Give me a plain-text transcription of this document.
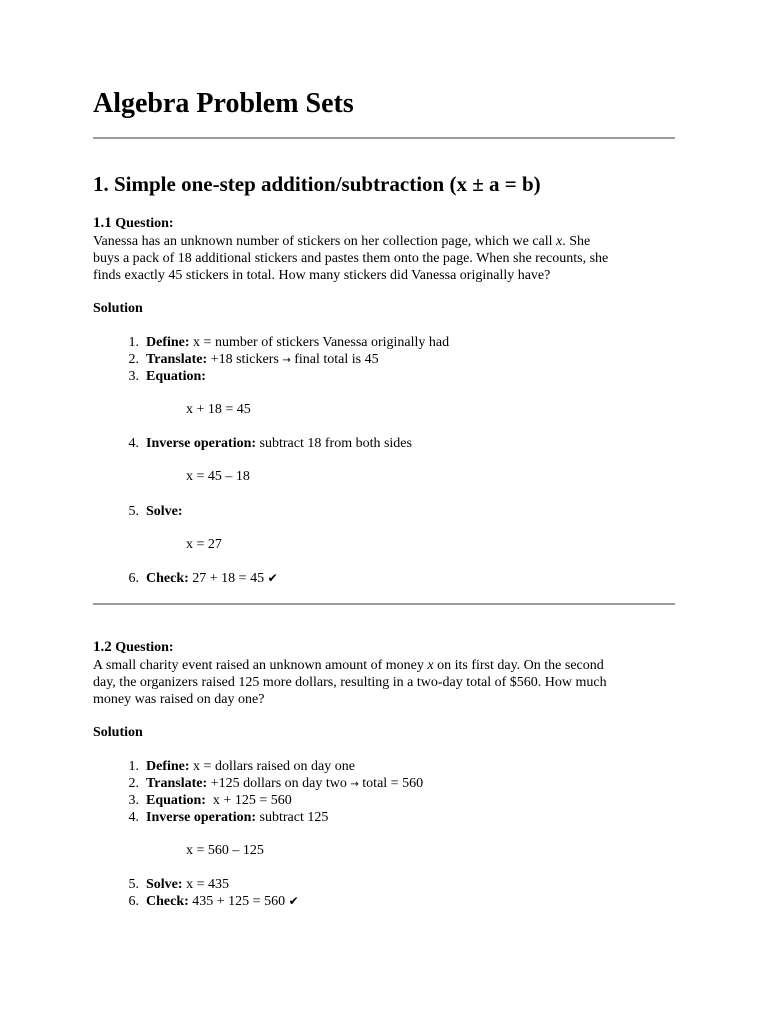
Algebra Problem Sets
1. Simple one-step addition/subtraction (x ± a = b)
1.1 Question:
Vanessa has an unknown number of stickers on her collection page, which we call x. She
buys a pack of 18 additional stickers and pastes them onto the page. When she recounts, she
finds exactly 45 stickers in total. How many stickers did Vanessa originally have?
Solution
1. Define: x = number of stickers Vanessa originally had
2. Translate: +18 stickers → final total is 45
3. Equation:
x + 18 = 45
4. Inverse operation: subtract 18 from both sides
x = 45 – 18
5. Solve:
x = 27
6. Check: 27 + 18 = 45 ✔
1.2 Question:
A small charity event raised an unknown amount of money x on its first day. On the second
day, the organizers raised 125 more dollars, resulting in a two-day total of $560. How much
money was raised on day one?
Solution
1. Define: x = dollars raised on day one
2. Translate: +125 dollars on day two → total = 560
3. Equation:  x + 125 = 560
4. Inverse operation: subtract 125
x = 560 – 125
5. Solve: x = 435
6. Check: 435 + 125 = 560 ✔
